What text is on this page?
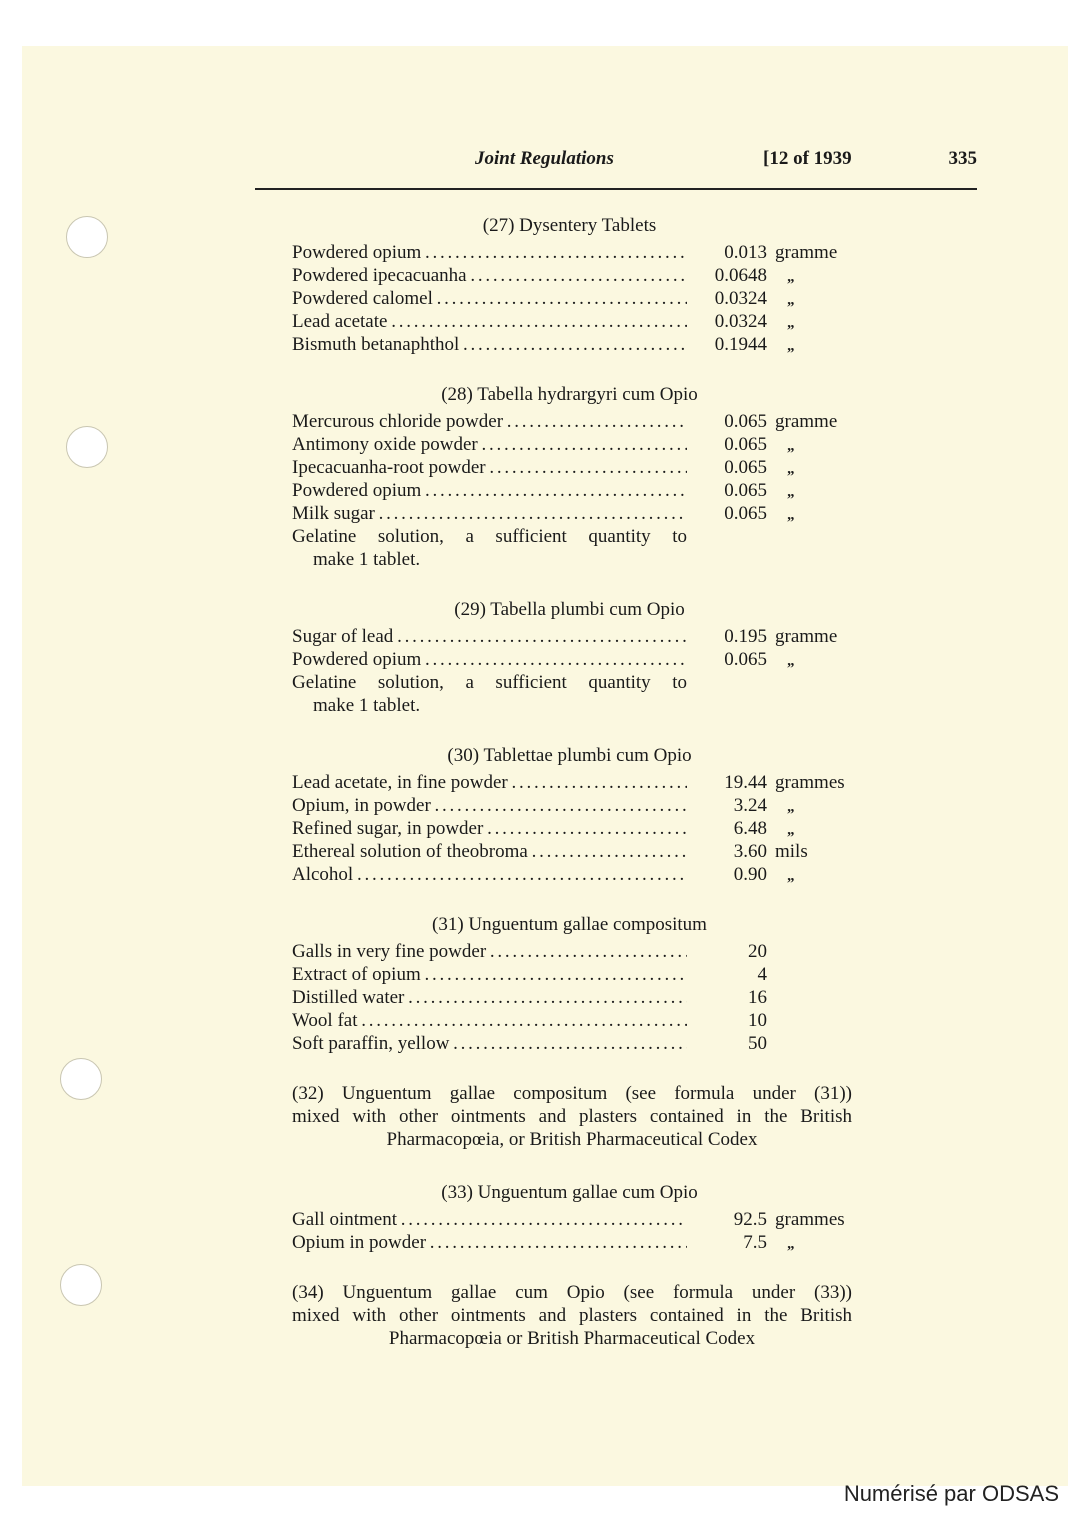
Joint Regulations	[12 of 1939	335
(27) Dysentery Tablets
Powdered opium . . .	0.013 gramme
Powdered ipecacuanha . . .	0.0648	„
Powdered calomel . . .	0.0324	„
Lead acetate . . .	0.0324	„
Bismuth betanaphthol . . .	0.1944	„
(28) Tabella hydrargyri cum Opio
Mercurous chloride powder . . .	0.065 gramme
Antimony oxide powder . . .	0.065	„
Ipecacuanha-root powder . . .	0.065	„
Powdered opium . . .	0.065	„
Milk sugar . . .	0.065	„
Gelatine solution, a sufficient quantity to
make 1 tablet.
(29) Tabella plumbi cum Opio
Sugar of lead . . .	0.195 gramme
Powdered opium . . .	0.065	„
Gelatine solution, a sufficient quantity to
make 1 tablet.
(30) Tablettae plumbi cum Opio
Lead acetate, in fine powder . . .	19.44 grammes
Opium, in powder . . .	3.24	„
Refined sugar, in powder . . .	6.48	„
Ethereal solution of theobroma . . .	3.60 mils
Alcohol . . .	0.90	„
(31) Unguentum gallae compositum
Galls in very fine powder . . .	20
Extract of opium . . .	4
Distilled water . . .	16
Wool fat . . .	10
Soft paraffin, yellow . . .	50
(32) Unguentum gallae compositum (see formula under (31))
mixed with other ointments and plasters contained in the British
Pharmacopœia, or British Pharmaceutical Codex
(33) Unguentum gallae cum Opio
Gall ointment . . .	92.5 grammes
Opium in powder . . .	7.5	„
(34) Unguentum gallae cum Opio (see formula under (33))
mixed with other ointments and plasters contained in the British
Pharmacopœia or British Pharmaceutical Codex
Numérisé par ODSAS
